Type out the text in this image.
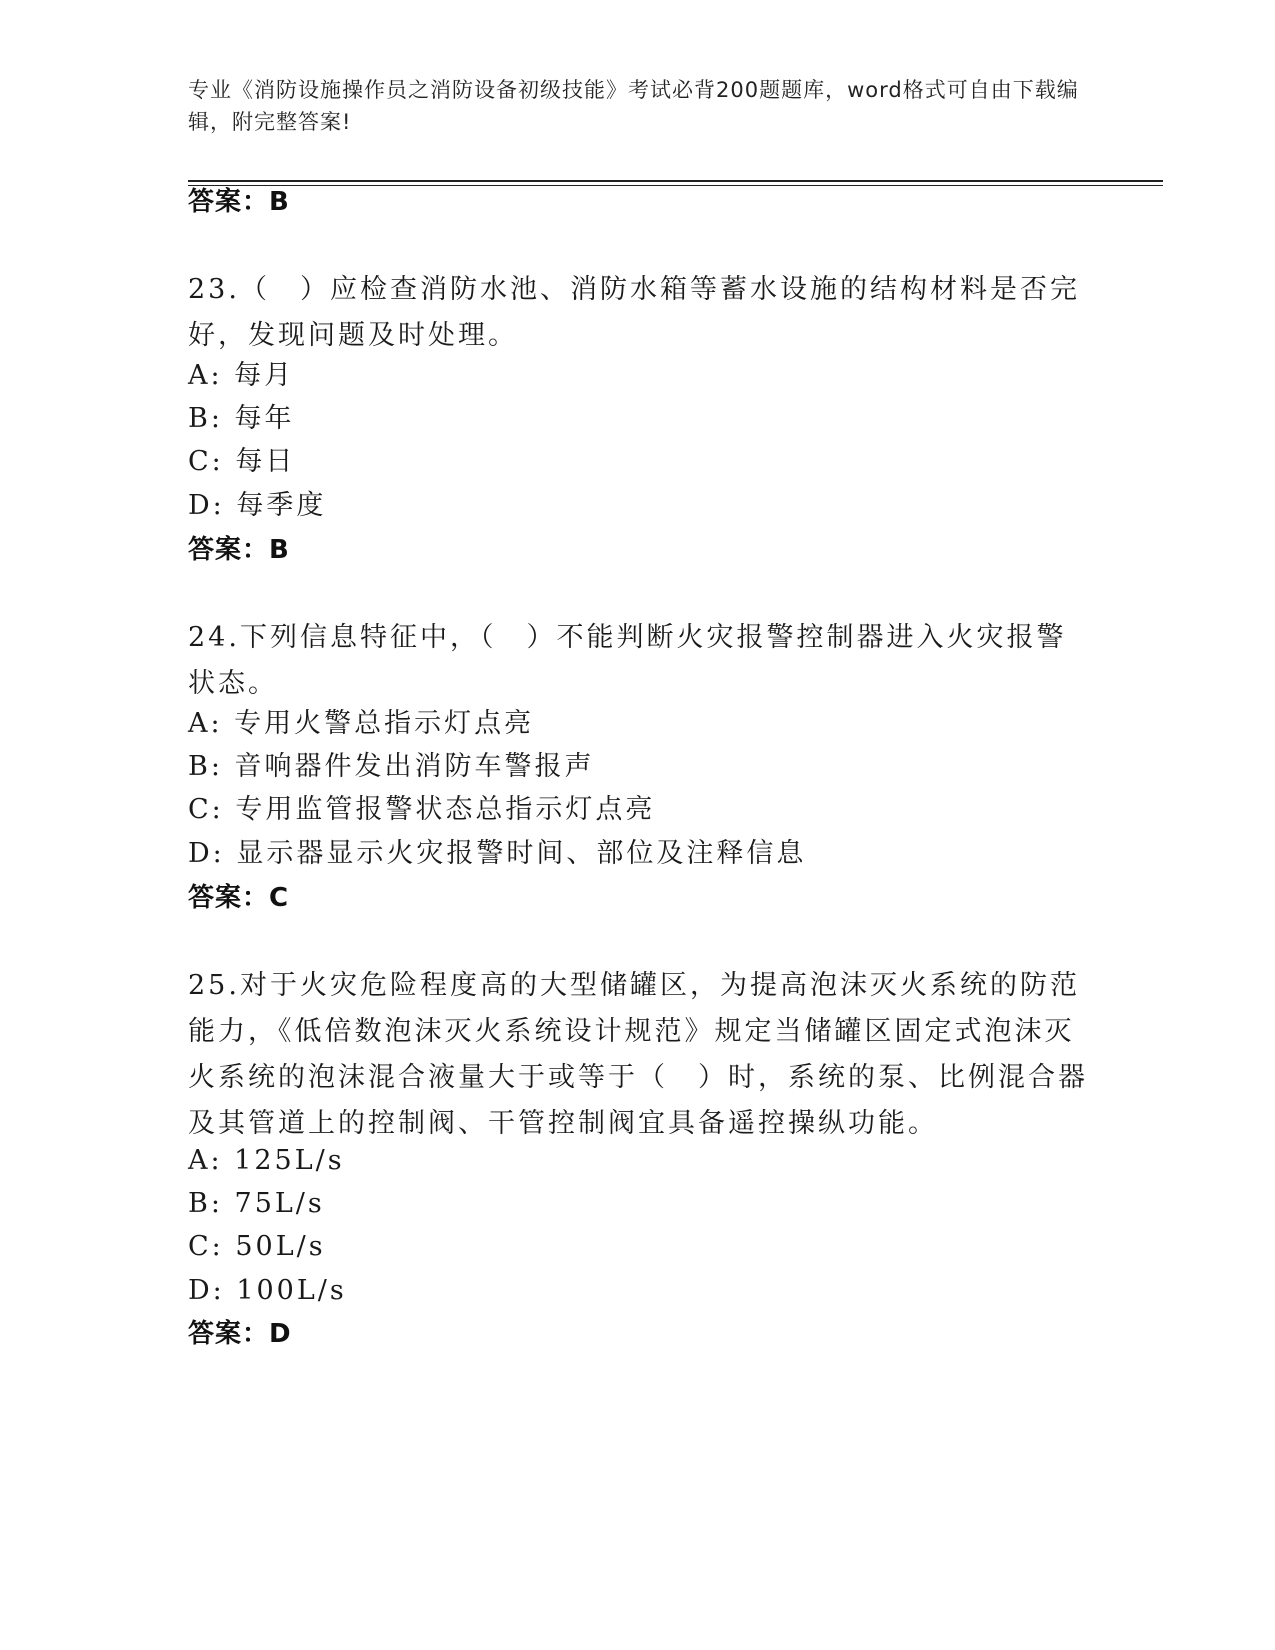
专业《消防设施操作员之消防设备初级技能》考试必背200题题库，word格式可自由下载编辑，附完整答案!
答案：B
23.（　）应检查消防水池、消防水箱等蓄水设施的结构材料是否完好，发现问题及时处理。
A: 每月
B: 每年
C: 每日
D: 每季度
答案：B
24.下列信息特征中，（　）不能判断火灾报警控制器进入火灾报警状态。
A: 专用火警总指示灯点亮
B: 音响器件发出消防车警报声
C: 专用监管报警状态总指示灯点亮
D: 显示器显示火灾报警时间、部位及注释信息
答案：C
25.对于火灾危险程度高的大型储罐区，为提高泡沫灭火系统的防范能力，《低倍数泡沫灭火系统设计规范》规定当储罐区固定式泡沫灭火系统的泡沫混合液量大于或等于（　）时，系统的泵、比例混合器及其管道上的控制阀、干管控制阀宜具备遥控操纵功能。
A: 125L/s
B: 75L/s
C: 50L/s
D: 100L/s
答案：D
